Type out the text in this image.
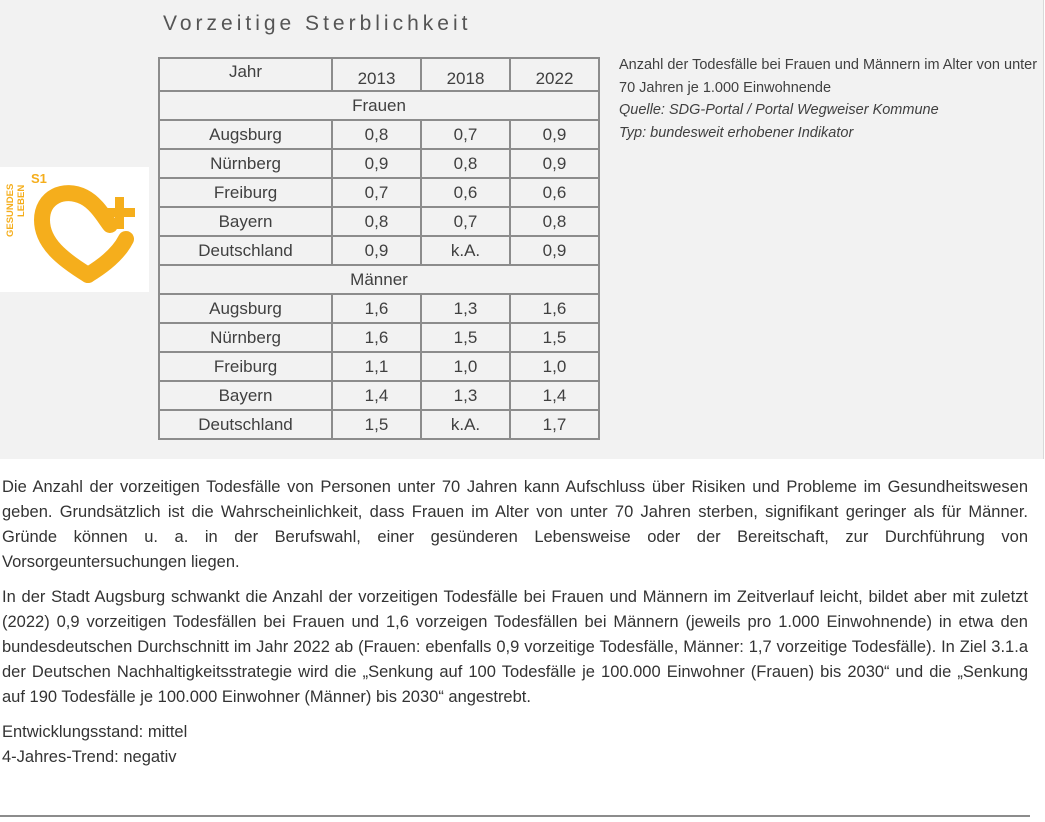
Vorzeitige Sterblichkeit
GESUNDES LEBEN
S1
Jahr	2013	2018	2022
Frauen			
Augsburg	0,8	0,7	0,9
Nürnberg	0,9	0,8	0,9
Freiburg	0,7	0,6	0,6
Bayern	0,8	0,7	0,8
Deutschland	0,9	k.A.	0,9
Männer			
Augsburg	1,6	1,3	1,6
Nürnberg	1,6	1,5	1,5
Freiburg	1,1	1,0	1,0
Bayern	1,4	1,3	1,4
Deutschland	1,5	k.A.	1,7
Anzahl der Todesfälle bei Frauen und Männern im Alter von unter 70 Jahren je 1.000 Einwohnende
Quelle: SDG-Portal / Portal Wegweiser Kommune
Typ: bundesweit erhobener Indikator

Die Anzahl der vorzeitigen Todesfälle von Personen unter 70 Jahren kann Aufschluss über Risiken und Probleme im Gesundheitswesen geben. Grundsätzlich ist die Wahrscheinlichkeit, dass Frauen im Alter von unter 70 Jahren sterben, signifikant geringer als für Männer. Gründe können u. a. in der Berufswahl, einer gesünderen Lebensweise oder der Bereitschaft, zur Durchführung von Vorsorgeuntersuchungen liegen.

In der Stadt Augsburg schwankt die Anzahl der vorzeitigen Todesfälle bei Frauen und Männern im Zeitverlauf leicht, bildet aber mit zuletzt (2022) 0,9 vorzeitigen Todesfällen bei Frauen und 1,6 vorzeigen Todesfällen bei Männern (jeweils pro 1.000 Einwohnende) in etwa den bundesdeutschen Durchschnitt im Jahr 2022 ab (Frauen: ebenfalls 0,9 vorzeitige Todesfälle, Männer: 1,7 vorzeitige Todesfälle). In Ziel 3.1.a der Deutschen Nachhaltigkeitsstrategie wird die „Senkung auf 100 Todesfälle je 100.000 Einwohner (Frauen) bis 2030“ und die „Senkung auf 190 Todesfälle je 100.000 Einwohner (Männer) bis 2030“ angestrebt.

Entwicklungsstand: mittel
4-Jahres-Trend: negativ
